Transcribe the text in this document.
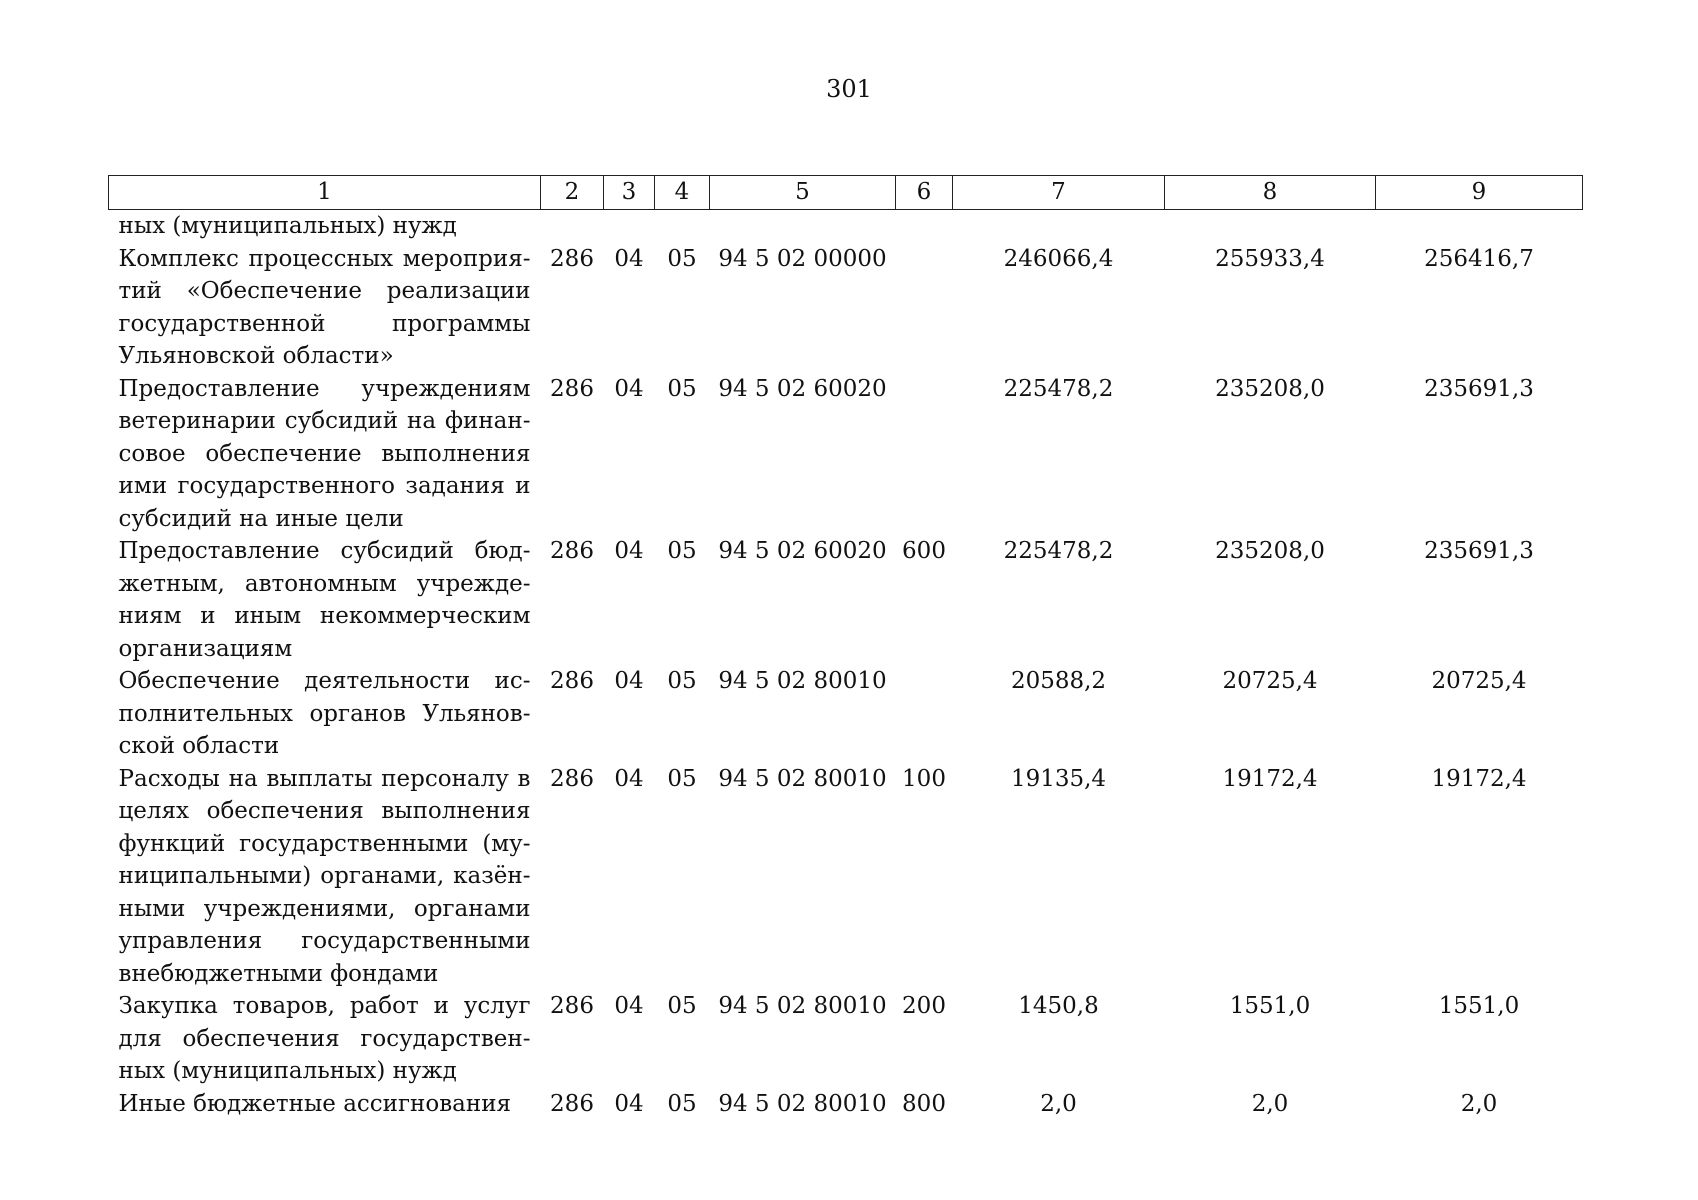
301
1	2	3	4	5	6	7	8	9
ных (муниципальных) нужд								
Комплекс процессных мероприя-тий «Обеспечение реализации государственной программы Ульяновской области»	286	04	05	94 5 02 00000		246066,4	255933,4	256416,7
Предоставление учреждениям ветеринарии субсидий на финан-совое обеспечение выполнения ими государственного задания и субсидий на иные цели	286	04	05	94 5 02 60020		225478,2	235208,0	235691,3
Предоставление субсидий бюд-жетным, автономным учрежде-ниям и иным некоммерческим организациям	286	04	05	94 5 02 60020	600	225478,2	235208,0	235691,3
Обеспечение деятельности ис-полнительных органов Ульянов-ской области	286	04	05	94 5 02 80010		20588,2	20725,4	20725,4
Расходы на выплаты персоналу в целях обеспечения выполнения функций государственными (му-ниципальными) органами, казён-ными учреждениями, органами управления государственными внебюджетными фондами	286	04	05	94 5 02 80010	100	19135,4	19172,4	19172,4
Закупка товаров, работ и услуг для обеспечения государствен-ных (муниципальных) нужд	286	04	05	94 5 02 80010	200	1450,8	1551,0	1551,0
Иные бюджетные ассигнования	286	04	05	94 5 02 80010	800	2,0	2,0	2,0
